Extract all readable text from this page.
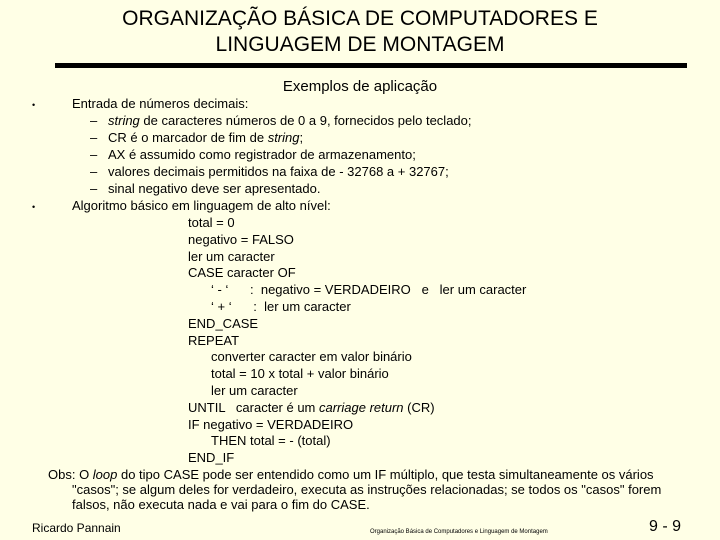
ORGANIZAÇÃO BÁSICA DE COMPUTADORES E
LINGUAGEM DE MONTAGEM
Exemplos de aplicação
•	Entrada de números decimais:
– string de caracteres números de 0 a 9, fornecidos pelo teclado;
– CR é o marcador de fim de string;
– AX é assumido como registrador de armazenamento;
– valores decimais permitidos na faixa de - 32768 a + 32767;
– sinal negativo deve ser apresentado.
•	Algoritmo básico em linguagem de alto nível:
total = 0
negativo = FALSO
ler um caracter
CASE caracter OF
‘ - ‘      :  negativo = VERDADEIRO   e   ler um caracter
‘ + ‘      :  ler um caracter
END_CASE
REPEAT
converter caracter em valor binário
total = 10 x total + valor binário
ler um caracter
UNTIL   caracter é um carriage return (CR)
IF negativo = VERDADEIRO
THEN total = - (total)
END_IF
Obs: O loop do tipo CASE pode ser entendido como um IF múltiplo, que testa simultaneamente os vários "casos"; se algum deles for verdadeiro, executa as instruções relacionadas; se todos os "casos" forem falsos, não executa nada e vai para o fim do CASE.
Ricardo Pannain	Organização Básica de Computadores e Linguagem de Montagem	9 - 9
